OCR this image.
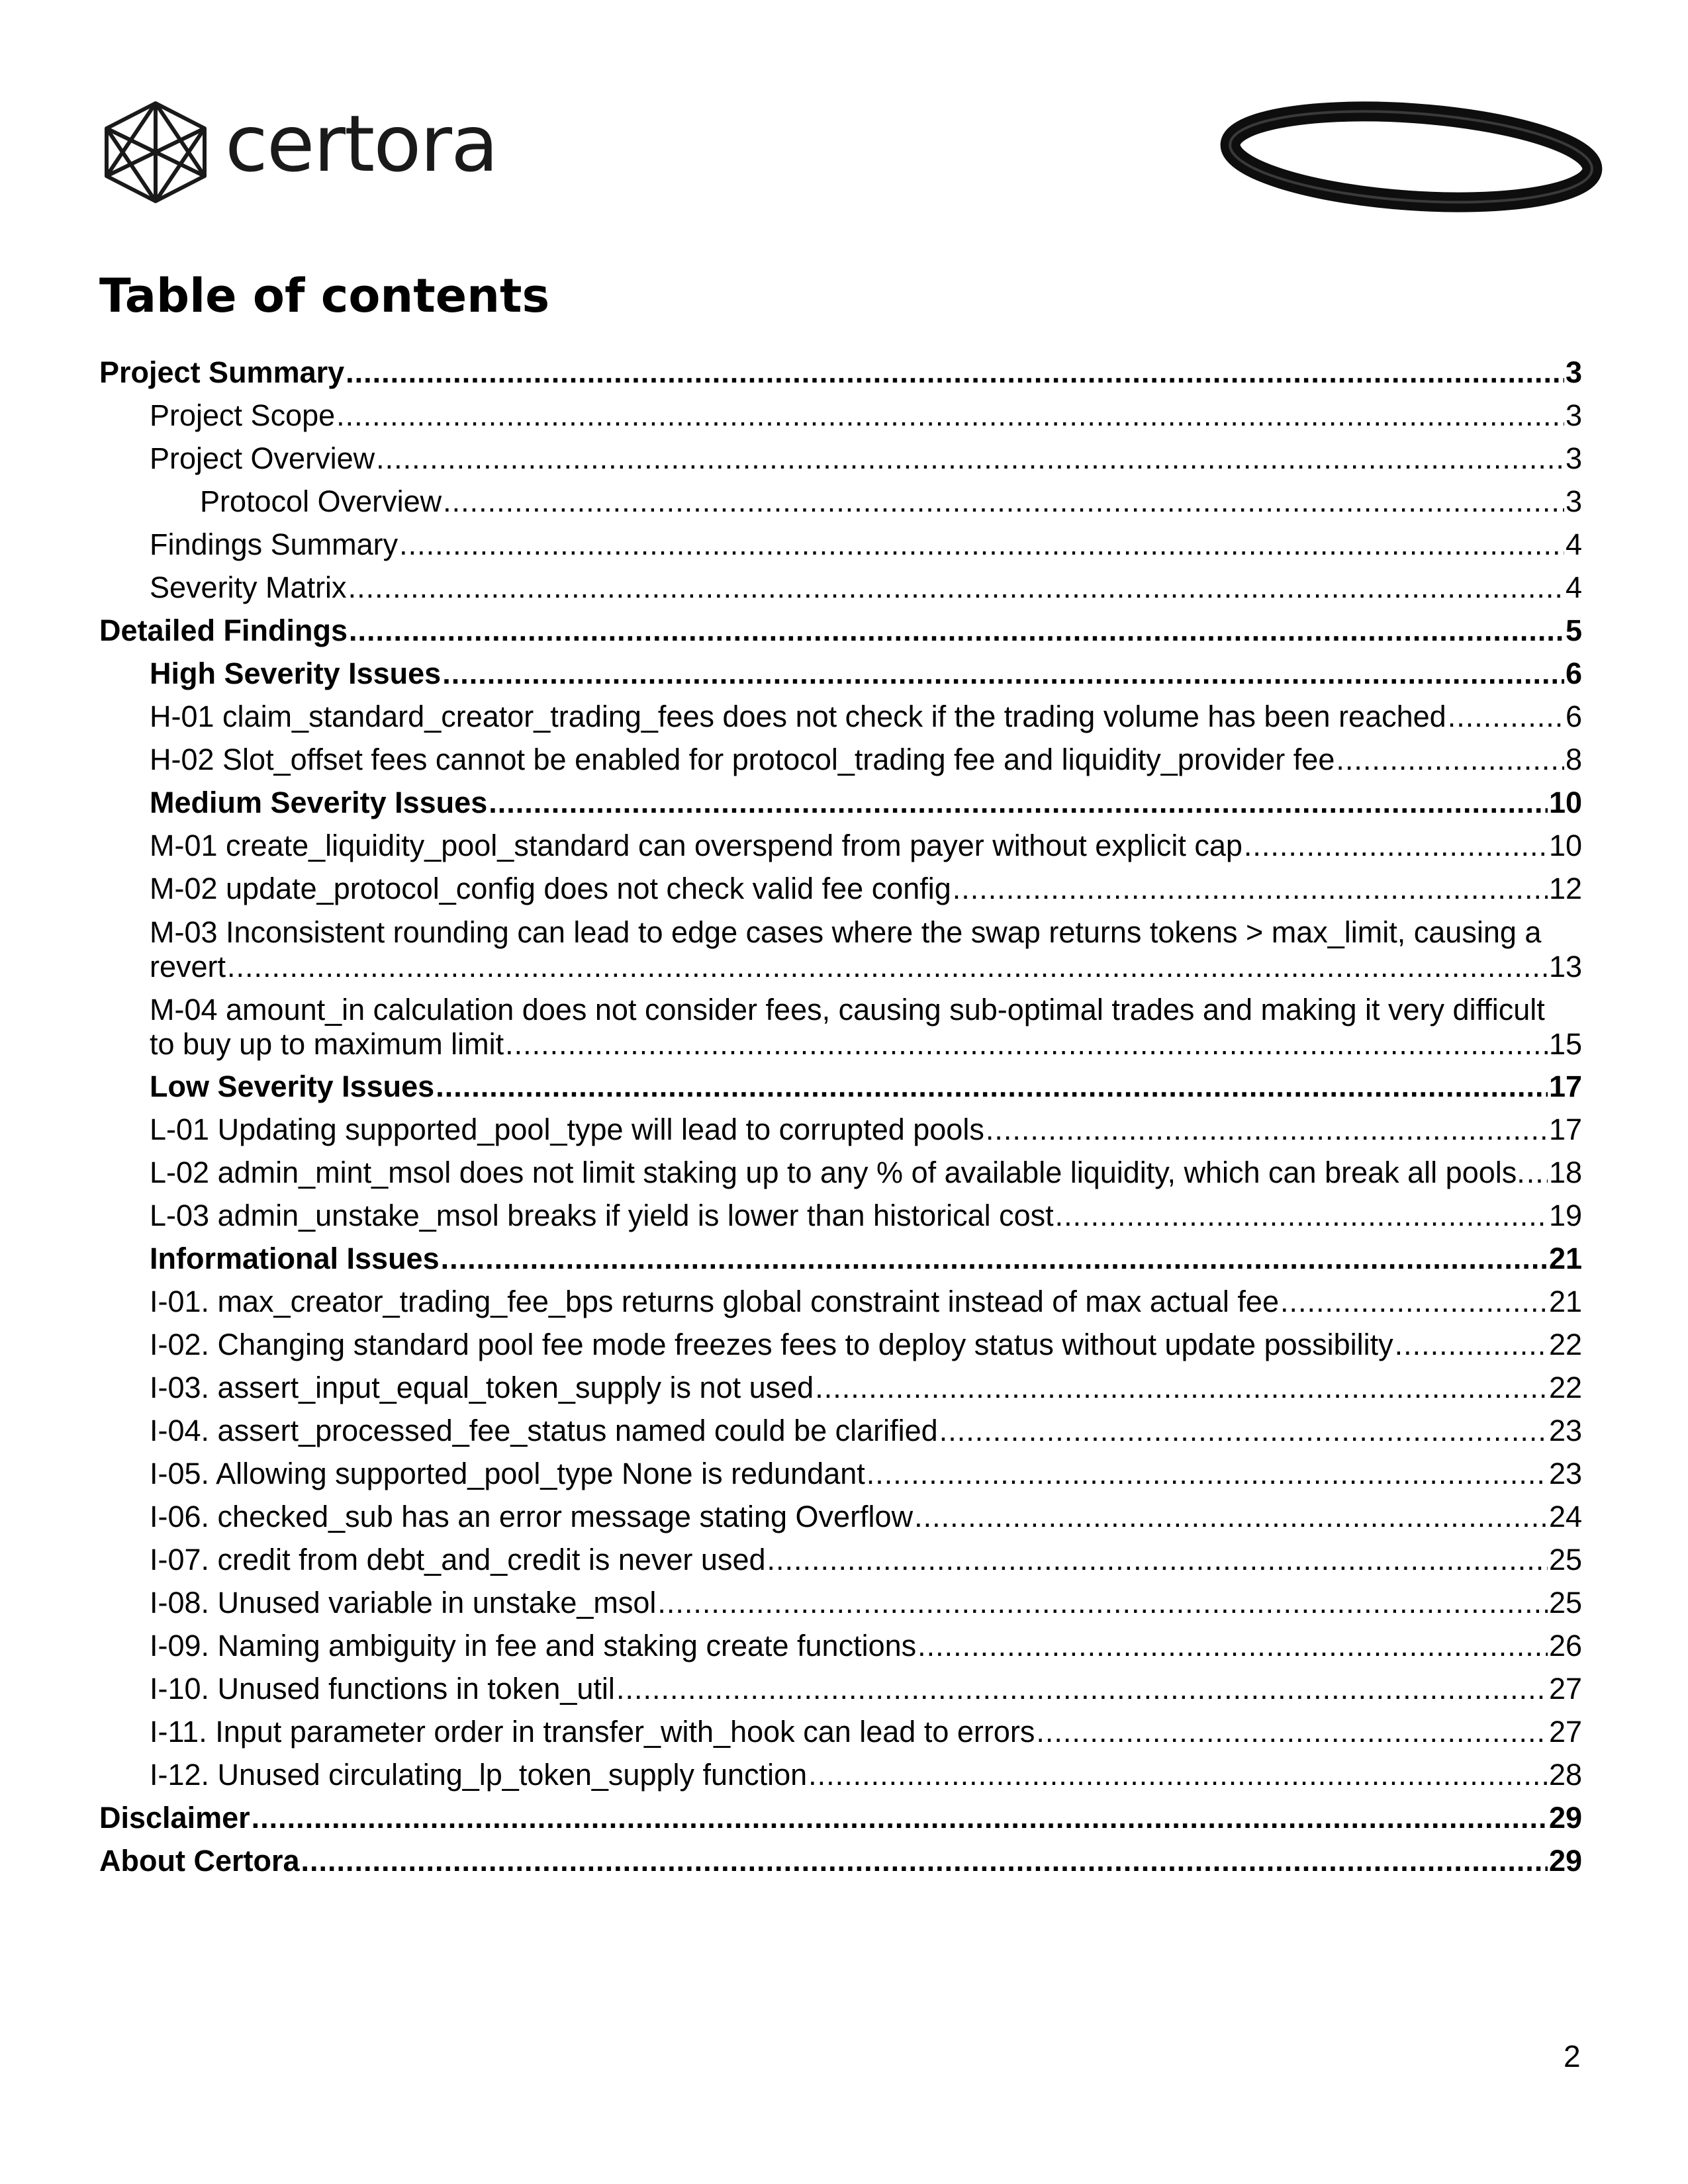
certora
Table of contents
Project Summary .....	3
Project Scope .....	3
Project Overview .....	3
Protocol Overview .....	3
Findings Summary .....	4
Severity Matrix .....	4
Detailed Findings .....	5
High Severity Issues .....	6
H-01 claim_standard_creator_trading_fees does not check if the trading volume has been reached .....	6
H-02 Slot_offset fees cannot be enabled for protocol_trading fee and liquidity_provider fee .....	8
Medium Severity Issues .....	10
M-01 create_liquidity_pool_standard can overspend from payer without explicit cap .....	10
M-02 update_protocol_config does not check valid fee config .....	12
M-03 Inconsistent rounding can lead to edge cases where the swap returns tokens > max_limit, causing a
revert .....	13
M-04 amount_in calculation does not consider fees, causing sub-optimal trades and making it very difficult
to buy up to maximum limit .....	15
Low Severity Issues .....	17
L-01 Updating supported_pool_type will lead to corrupted pools .....	17
L-02 admin_mint_msol does not limit staking up to any % of available liquidity, which can break all pools. ..... 18
L-03 admin_unstake_msol breaks if yield is lower than historical cost .....	19
Informational Issues .....	21
I-01. max_creator_trading_fee_bps returns global constraint instead of max actual fee .....	21
I-02. Changing standard pool fee mode freezes fees to deploy status without update possibility .....	22
I-03. assert_input_equal_token_supply is not used .....	22
I-04. assert_processed_fee_status named could be clarified .....	23
I-05. Allowing supported_pool_type None is redundant .....	23
I-06. checked_sub has an error message stating Overflow .....	24
I-07. credit from debt_and_credit is never used .....	25
I-08. Unused variable in unstake_msol .....	25
I-09. Naming ambiguity in fee and staking create functions .....	26
I-10. Unused functions in token_util .....	27
I-11. Input parameter order in transfer_with_hook can lead to errors .....	27
I-12. Unused circulating_lp_token_supply function .....	28
Disclaimer .....	29
About Certora .....	29
2
